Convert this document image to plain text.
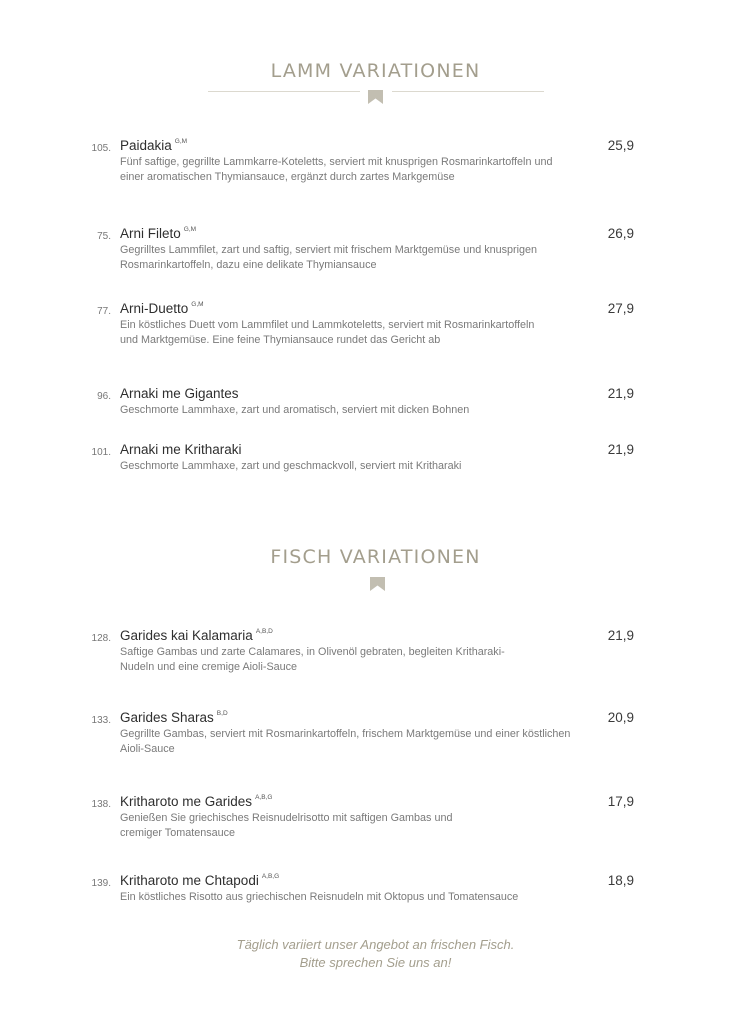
LAMM VARIATIONEN
105. Paidakia $^{G,M}$	25,9
Fünf saftige, gegrillte Lammkarre-Koteletts, serviert mit knusprigen Rosmarinkartoffeln und einer aromatischen Thymiansauce, ergänzt durch zartes Markgemüse
75. Arni Fileto $^{G,M}$	26,9
Gegrilltes Lammfilet, zart und saftig, serviert mit frischem Marktgemüse und knusprigen Rosmarinkartoffeln, dazu eine delikate Thymiansauce
77. Arni-Duetto $^{G,M}$	27,9
Ein köstliches Duett vom Lammfilet und Lammkoteletts, serviert mit Rosmarinkartoffeln und Marktgemüse. Eine feine Thymiansauce rundet das Gericht ab
96. Arnaki me Gigantes	21,9
Geschmorte Lammhaxe, zart und aromatisch, serviert mit dicken Bohnen
101. Arnaki me Kritharaki	21,9
Geschmorte Lammhaxe, zart und geschmackvoll, serviert mit Kritharaki
FISCH VARIATIONEN
128. Garides kai Kalamaria $^{A,B,D}$	21,9
Saftige Gambas und zarte Calamares, in Olivenöl gebraten, begleiten Kritharaki-Nudeln und eine cremige Aioli-Sauce
133. Garides Sharas $^{B,D}$	20,9
Gegrillte Gambas, serviert mit Rosmarinkartoffeln, frischem Marktgemüse und einer köstlichen Aioli-Sauce
138. Kritharoto me Garides $^{A,B,G}$	17,9
Genießen Sie griechisches Reisnudelrisotto mit saftigen Gambas und cremiger Tomatensauce
139. Kritharoto me Chtapodi $^{A,B,G}$	18,9
Ein köstliches Risotto aus griechischen Reisnudeln mit Oktopus und Tomatensauce
Täglich variiert unser Angebot an frischen Fisch.
Bitte sprechen Sie uns an!
